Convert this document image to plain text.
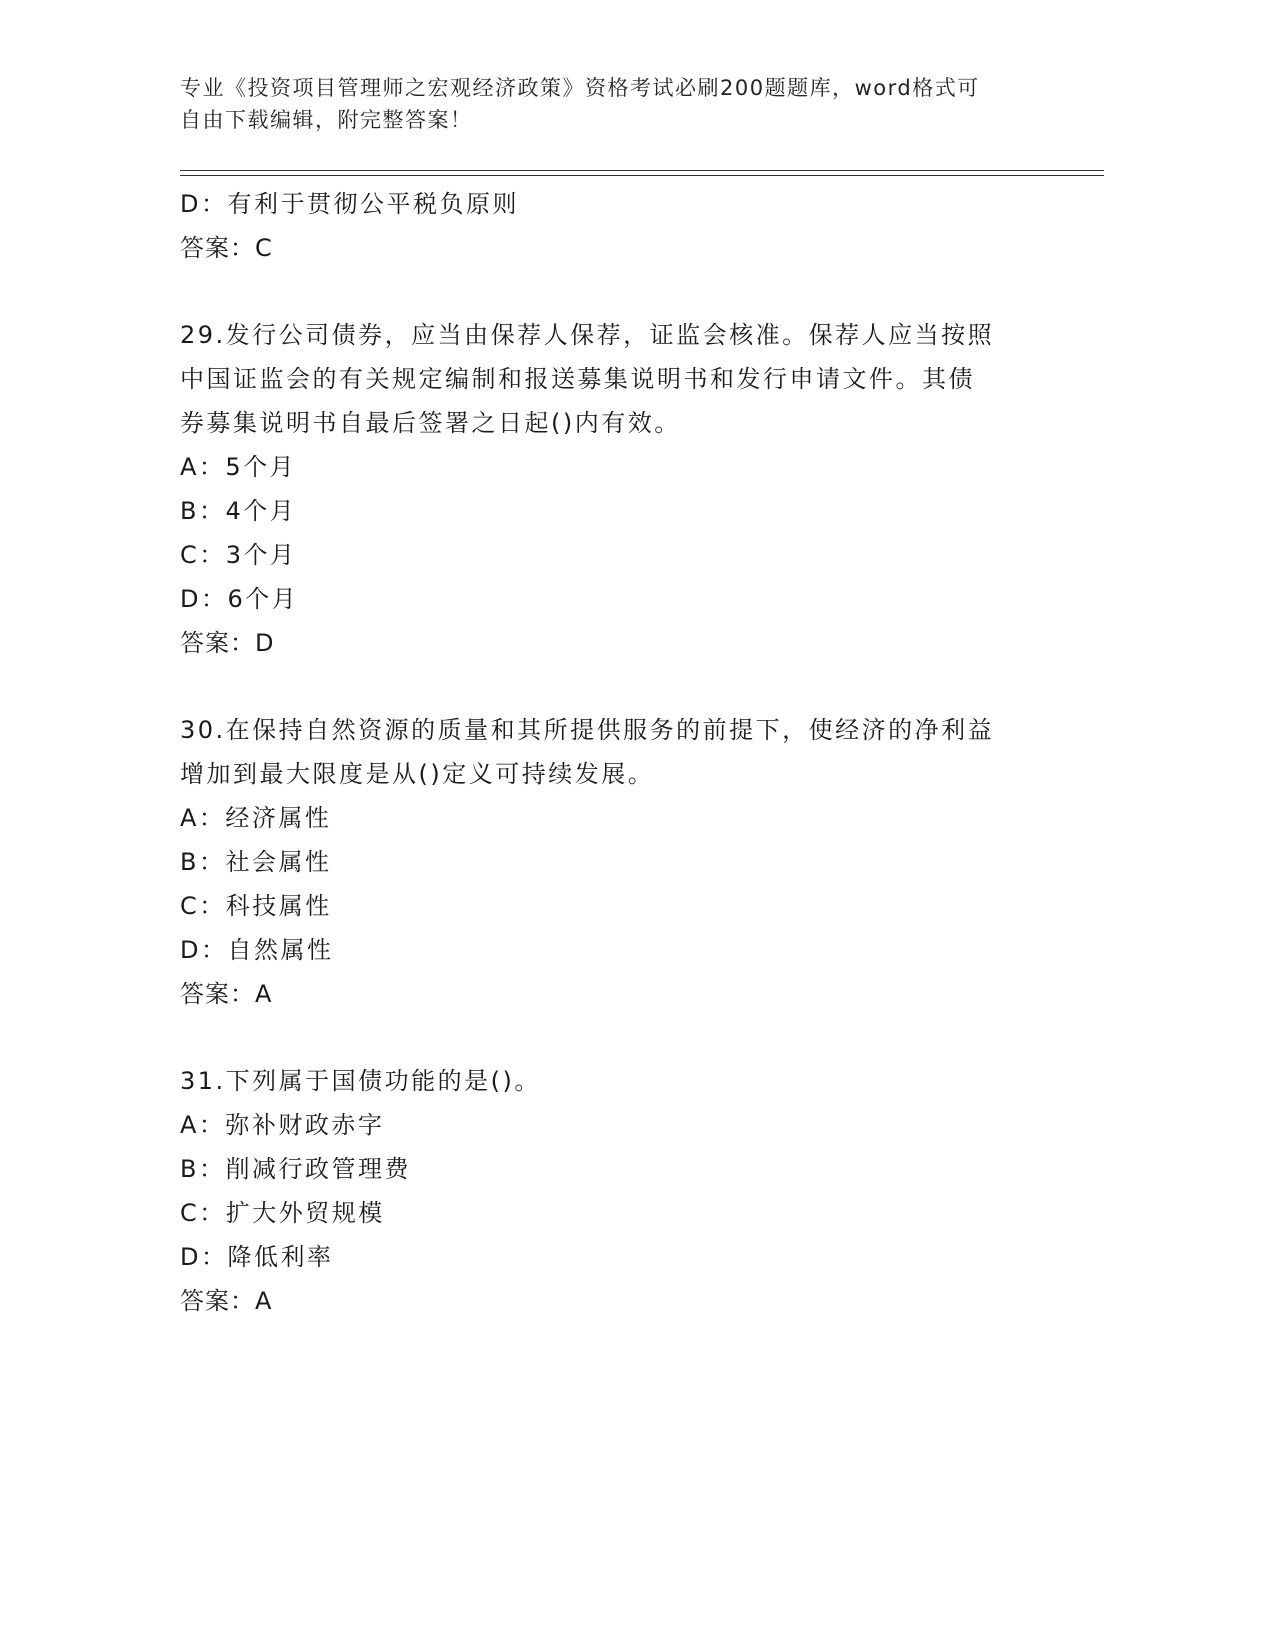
专业《投资项目管理师之宏观经济政策》资格考试必刷200题题库，word格式可
自由下载编辑，附完整答案！
D：有利于贯彻公平税负原则
答案：C
29.发行公司债券，应当由保荐人保荐，证监会核准。保荐人应当按照
中国证监会的有关规定编制和报送募集说明书和发行申请文件。其债
券募集说明书自最后签署之日起()内有效。
A：5个月
B：4个月
C：3个月
D：6个月
答案：D
30.在保持自然资源的质量和其所提供服务的前提下，使经济的净利益
增加到最大限度是从()定义可持续发展。
A：经济属性
B：社会属性
C：科技属性
D：自然属性
答案：A
31.下列属于国债功能的是()。
A：弥补财政赤字
B：削减行政管理费
C：扩大外贸规模
D：降低利率
答案：A
